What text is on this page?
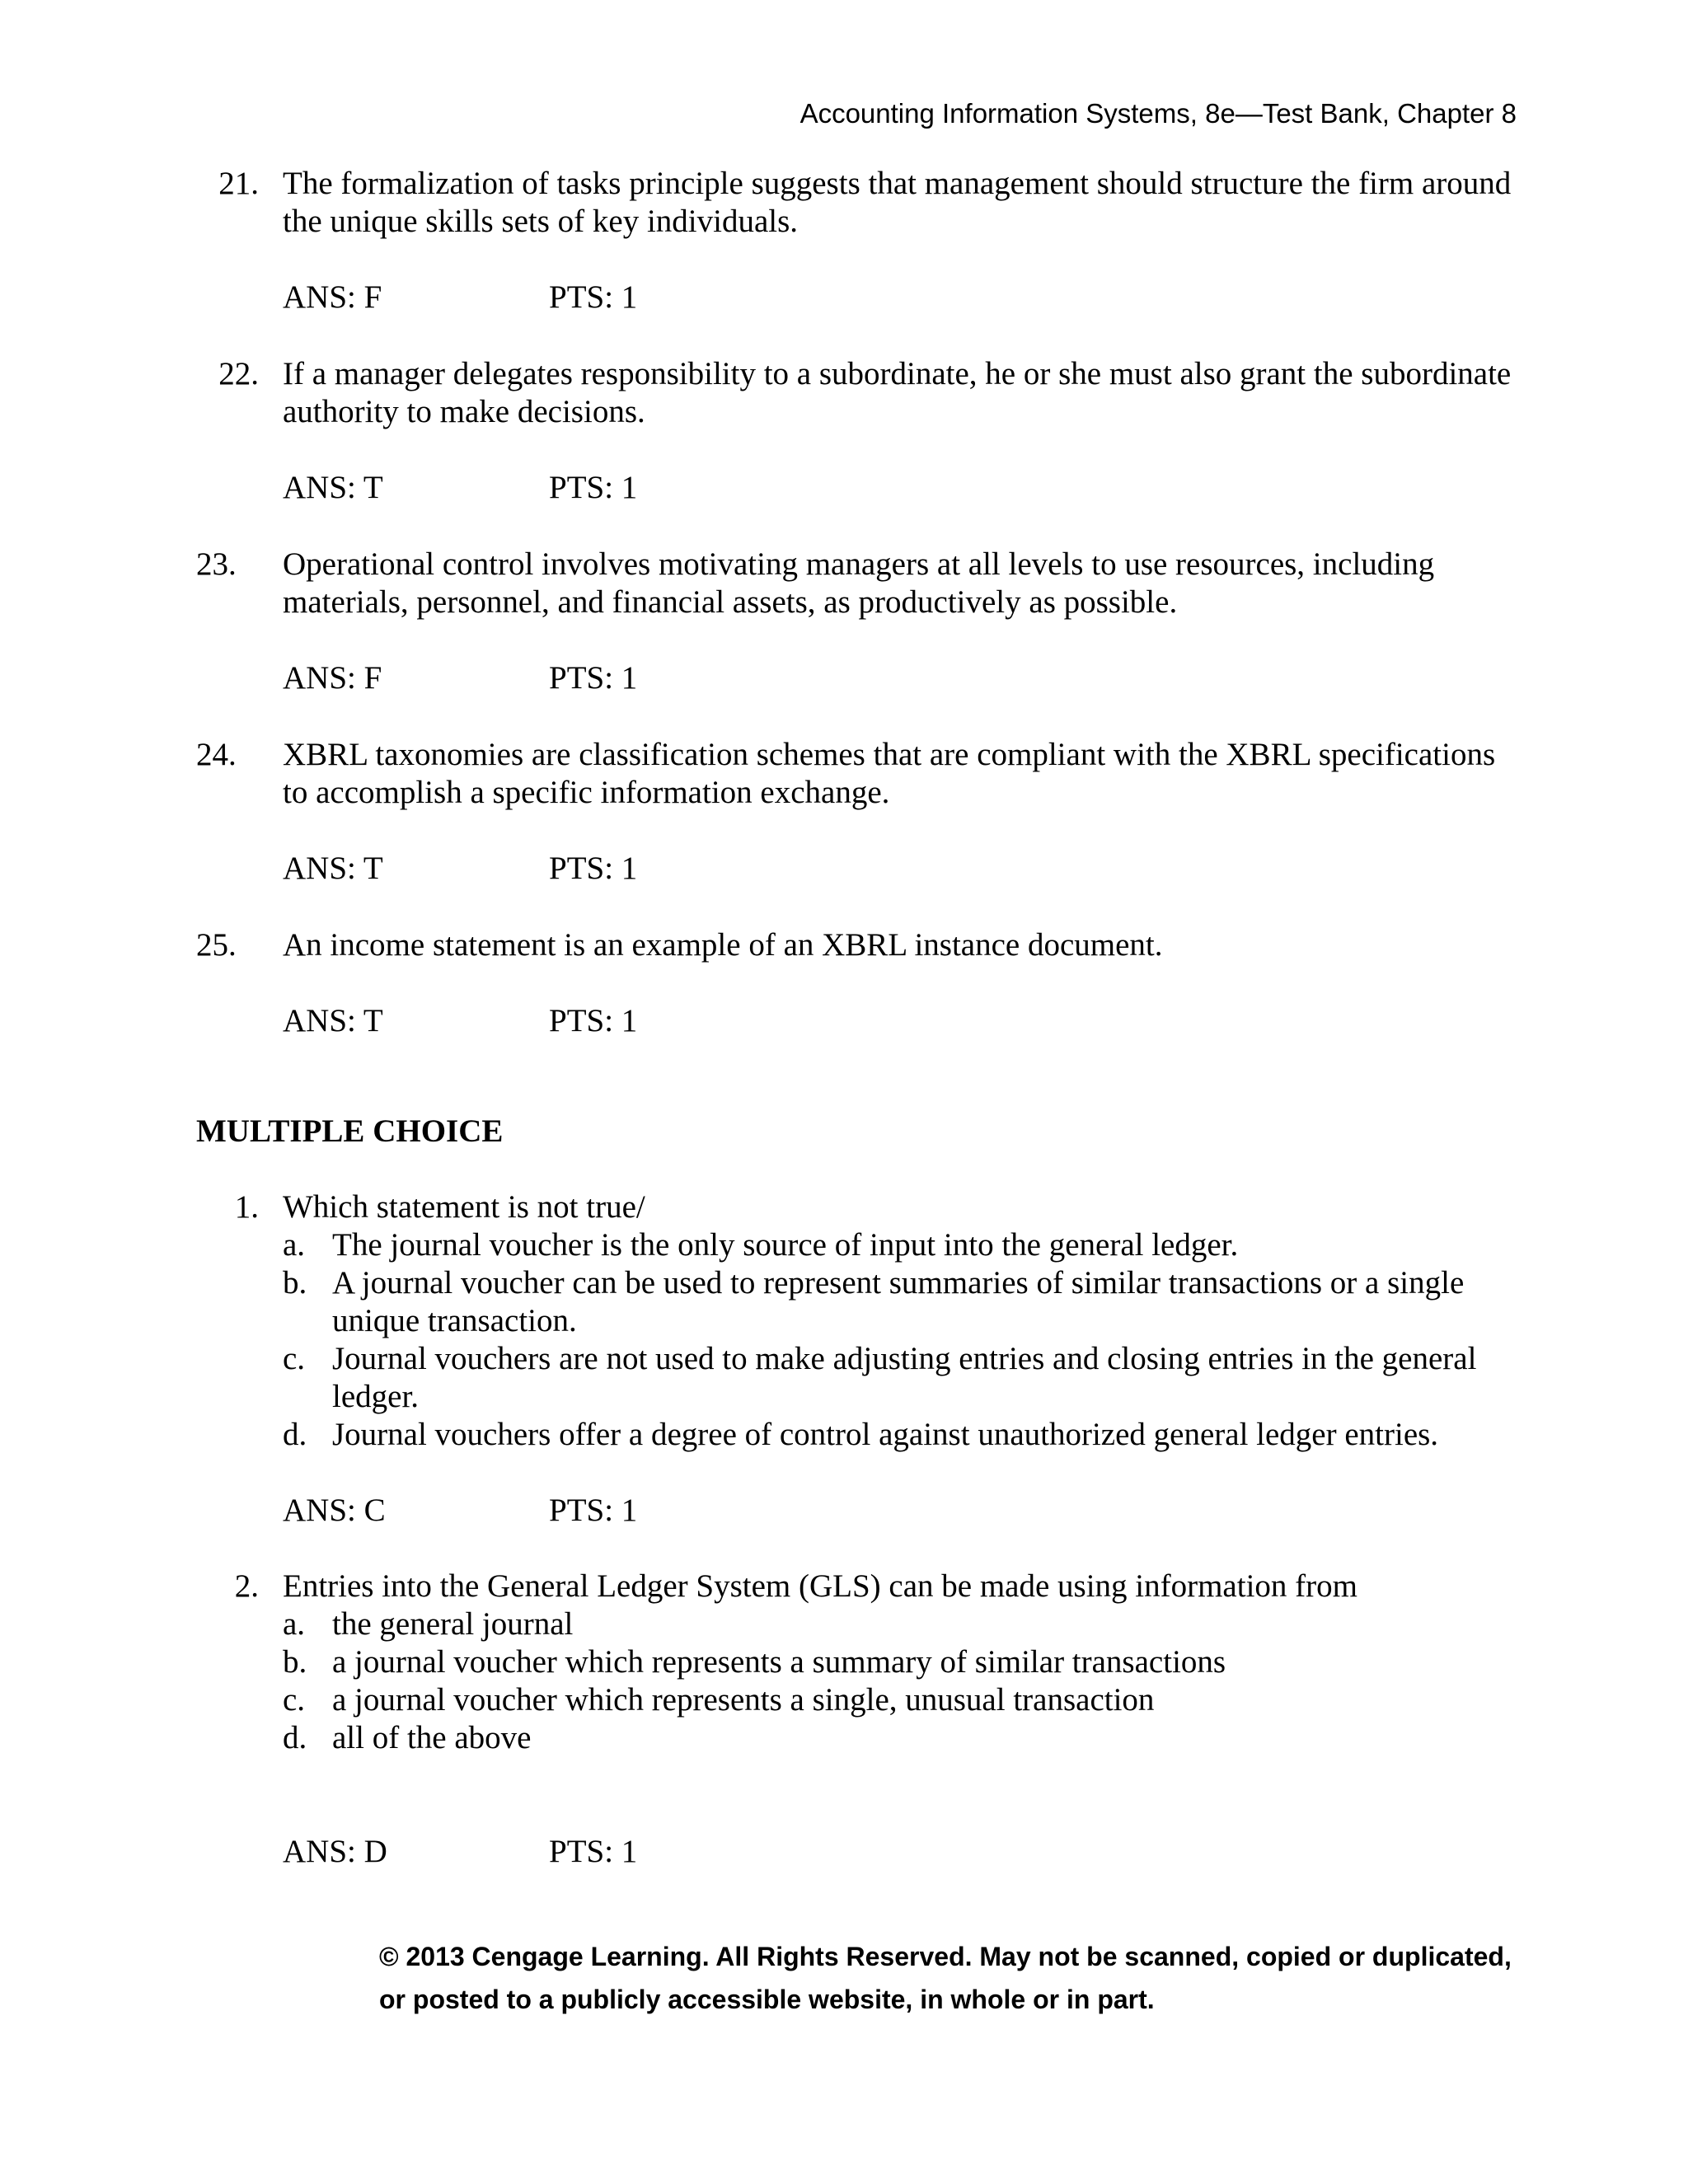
Accounting Information Systems, 8e—Test Bank, Chapter 8
21. The formalization of tasks principle suggests that management should structure the firm around the unique skills sets of key individuals.
ANS: F	PTS: 1
22. If a manager delegates responsibility to a subordinate, he or she must also grant the subordinate authority to make decisions.
ANS: T	PTS: 1
23.	Operational control involves motivating managers at all levels to use resources, including materials, personnel, and financial assets, as productively as possible.
ANS: F	PTS: 1
24.	XBRL taxonomies are classification schemes that are compliant with the XBRL specifications to accomplish a specific information exchange.
ANS: T	PTS: 1
25.	An income statement is an example of an XBRL instance document.
ANS: T	PTS: 1
MULTIPLE CHOICE
1. Which statement is not true/
a. The journal voucher is the only source of input into the general ledger.
b. A journal voucher can be used to represent summaries of similar transactions or a single unique transaction.
c. Journal vouchers are not used to make adjusting entries and closing entries in the general ledger.
d. Journal vouchers offer a degree of control against unauthorized general ledger entries.
ANS: C	PTS: 1
2. Entries into the General Ledger System (GLS) can be made using information from
a. the general journal
b. a journal voucher which represents a summary of similar transactions
c. a journal voucher which represents a single, unusual transaction
d. all of the above
ANS: D	PTS: 1
© 2013 Cengage Learning. All Rights Reserved. May not be scanned, copied or duplicated,
or posted to a publicly accessible website, in whole or in part.
